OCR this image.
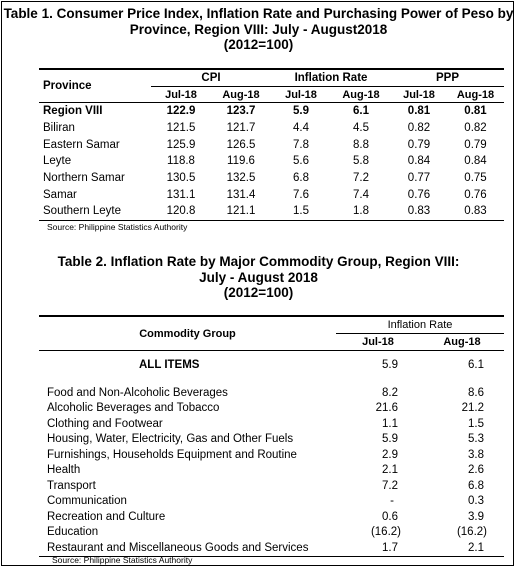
Table 1. Consumer Price Index, Inflation Rate and Purchasing Power of Peso by
Province, Region VIII: July - August2018
(2012=100)
Province	CPI		Inflation Rate		PPP	
	Jul-18	Aug-18	Jul-18	Aug-18	Jul-18	Aug-18
Region VIII	122.9	123.7	5.9	6.1	0.81	0.81
Biliran	121.5	121.7	4.4	4.5	0.82	0.82
Eastern Samar	125.9	126.5	7.8	8.8	0.79	0.79
Leyte	118.8	119.6	5.6	5.8	0.84	0.84
Northern Samar	130.5	132.5	6.8	7.2	0.77	0.75
Samar	131.1	131.4	7.6	7.4	0.76	0.76
Southern Leyte	120.8	121.1	1.5	1.8	0.83	0.83
Source: Philippine Statistics Authority
Table 2. Inflation Rate by Major Commodity Group, Region VIII:
July - August 2018
(2012=100)
Commodity Group	Inflation Rate	
	Jul-18	Aug-18
ALL ITEMS	5.9	6.1

Food and Non-Alcoholic Beverages	8.2	8.6
Alcoholic Beverages and Tobacco	21.6	21.2
Clothing and Footwear	1.1	1.5
Housing, Water, Electricity, Gas and Other Fuels	5.9	5.3
Furnishings, Households Equipment and Routine	2.9	3.8
Health	2.1	2.6
Transport	7.2	6.8
Communication	-	0.3
Recreation and Culture	0.6	3.9
Education	(16.2)	(16.2)
Restaurant and Miscellaneous Goods and Services	1.7	2.1
Source: Philippine Statistics Authority
